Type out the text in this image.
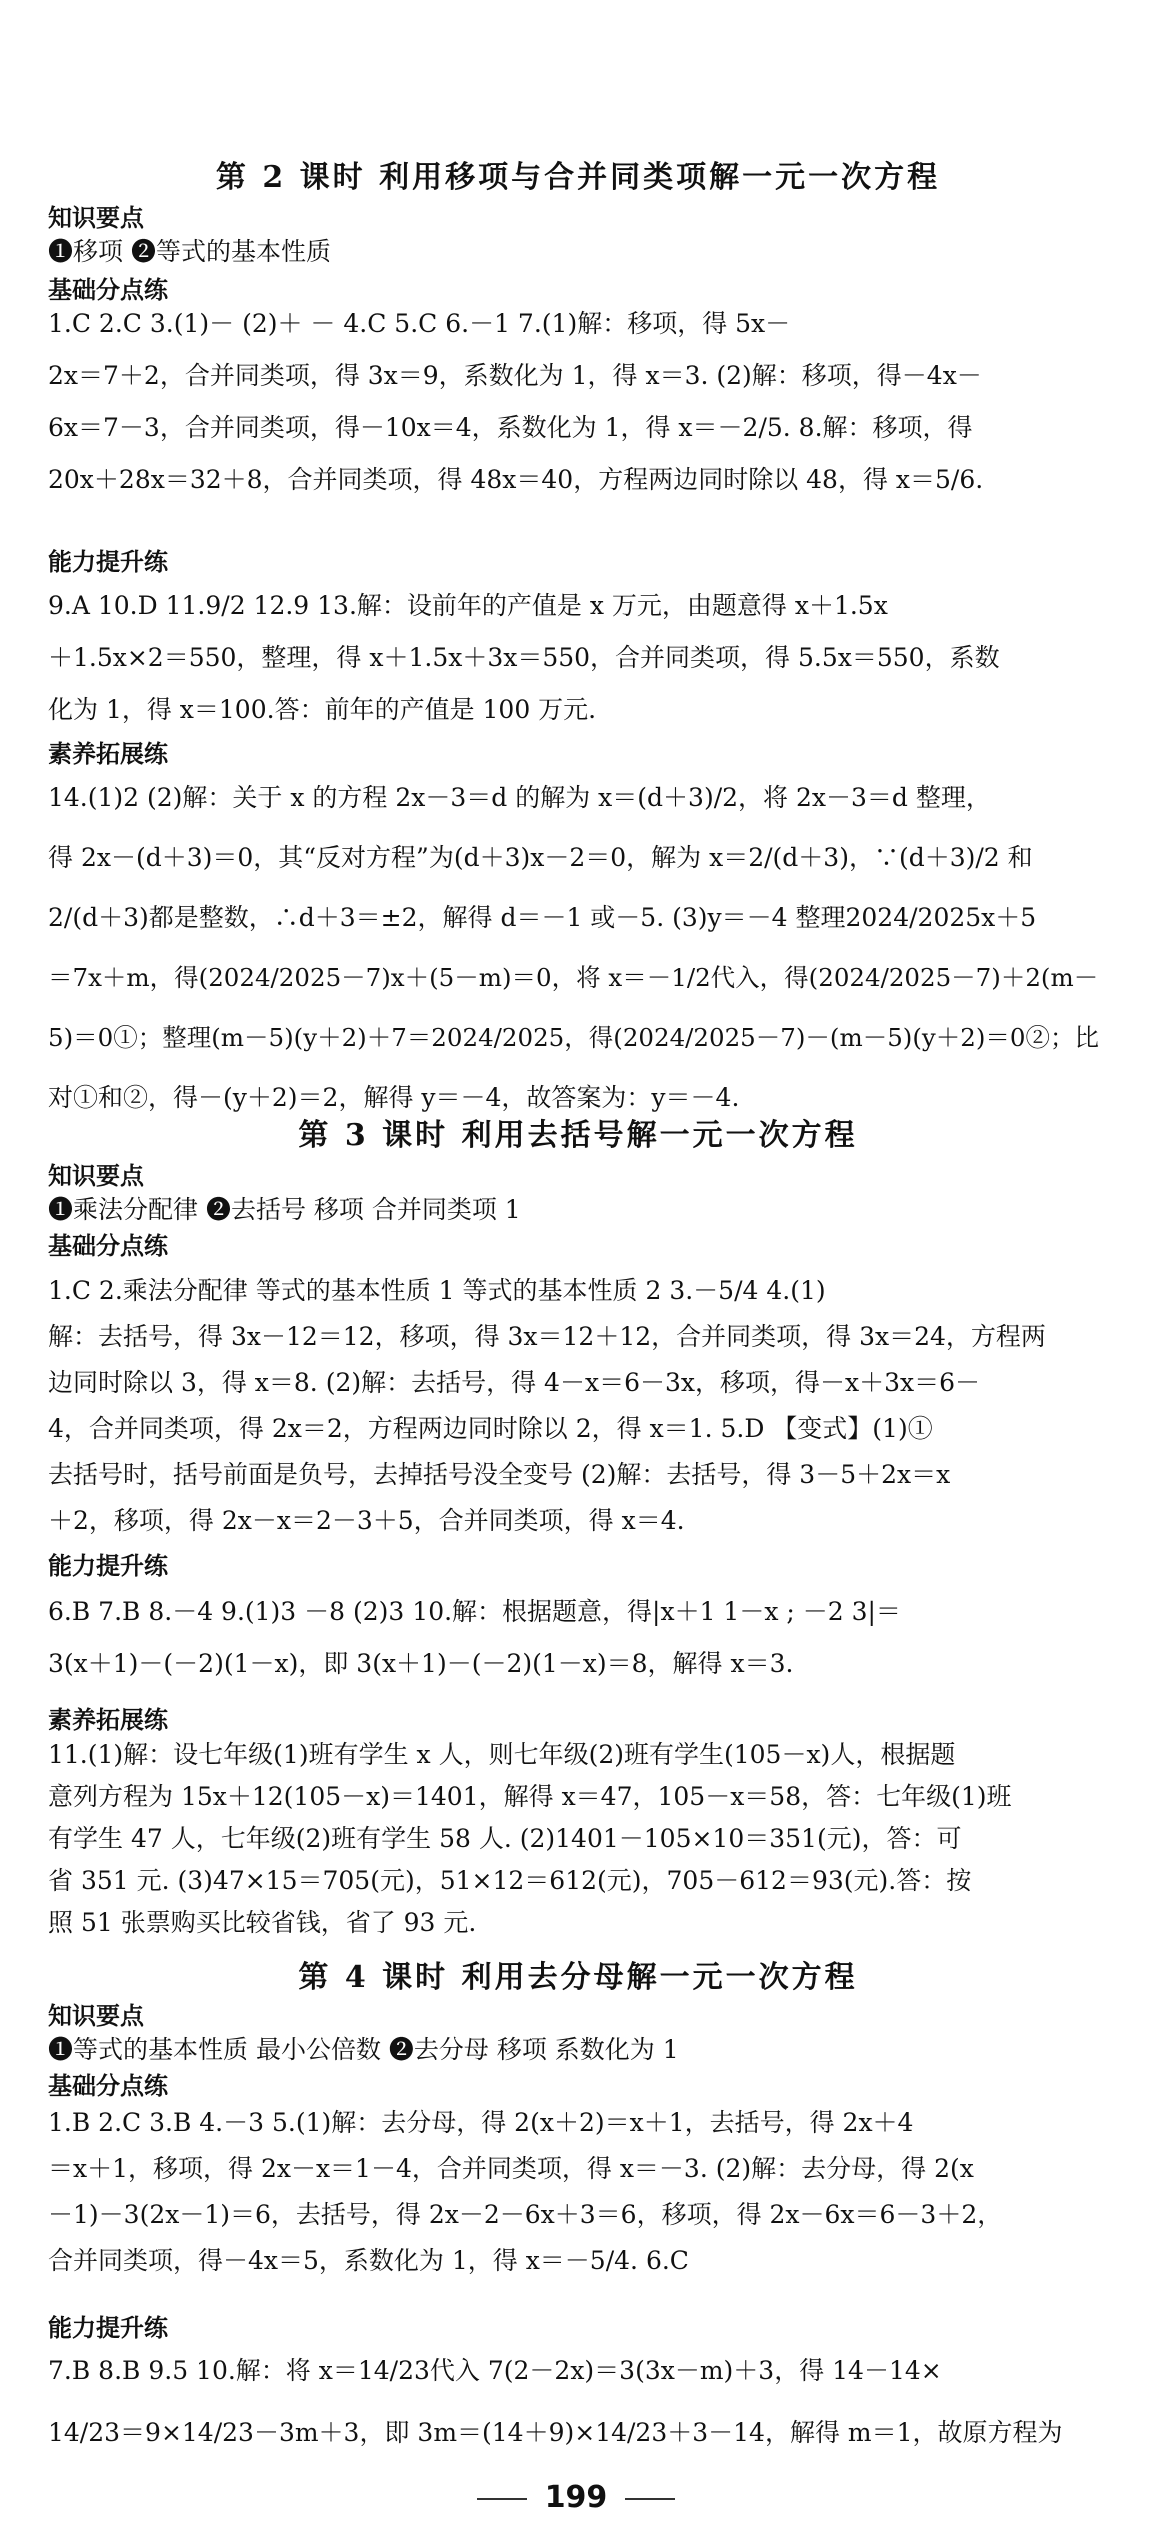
第 2 课时 利用移项与合并同类项解一元一次方程
知识要点
❶移项 ❷等式的基本性质
基础分点练
1.C 2.C 3.(1)－ (2)＋ － 4.C 5.C 6.－1 7.(1)解：移项，得 5x－
2x＝7＋2，合并同类项，得 3x＝9，系数化为 1，得 x＝3. (2)解：移项，得－4x－
6x＝7－3，合并同类项，得－10x＝4，系数化为 1，得 x＝－2/5. 8.解：移项，得
20x＋28x＝32＋8，合并同类项，得 48x＝40，方程两边同时除以 48，得 x＝5/6.
能力提升练
9.A 10.D 11.9/2 12.9 13.解：设前年的产值是 x 万元，由题意得 x＋1.5x
＋1.5x×2＝550，整理，得 x＋1.5x＋3x＝550，合并同类项，得 5.5x＝550，系数
化为 1，得 x＝100.答：前年的产值是 100 万元.
素养拓展练
14.(1)2 (2)解：关于 x 的方程 2x－3＝d 的解为 x＝(d＋3)/2，将 2x－3＝d 整理，
得 2x－(d＋3)＝0，其“反对方程”为(d＋3)x－2＝0，解为 x＝2/(d＋3)，∵(d＋3)/2 和
2/(d＋3)都是整数，∴d＋3＝±2，解得 d＝－1 或－5. (3)y＝－4 整理2024/2025x＋5
＝7x＋m，得(2024/2025－7)x＋(5－m)＝0，将 x＝－1/2代入，得(2024/2025－7)＋2(m－
5)＝0①；整理(m－5)(y＋2)＋7＝2024/2025，得(2024/2025－7)－(m－5)(y＋2)＝0②；比
对①和②，得－(y＋2)＝2，解得 y＝－4，故答案为：y＝－4.
第 3 课时 利用去括号解一元一次方程
知识要点
❶乘法分配律 ❷去括号 移项 合并同类项 1
基础分点练
1.C 2.乘法分配律 等式的基本性质 1 等式的基本性质 2 3.－5/4 4.(1)
解：去括号，得 3x－12＝12，移项，得 3x＝12＋12，合并同类项，得 3x＝24，方程两
边同时除以 3，得 x＝8. (2)解：去括号，得 4－x＝6－3x，移项，得－x＋3x＝6－
4，合并同类项，得 2x＝2，方程两边同时除以 2，得 x＝1. 5.D 【变式】(1)①
去括号时，括号前面是负号，去掉括号没全变号 (2)解：去括号，得 3－5＋2x＝x
＋2，移项，得 2x－x＝2－3＋5，合并同类项，得 x＝4.
能力提升练
6.B 7.B 8.－4 9.(1)3 －8 (2)3 10.解：根据题意，得|x＋1 1－x ; －2 3|＝
3(x＋1)－(－2)(1－x)，即 3(x＋1)－(－2)(1－x)＝8，解得 x＝3.
素养拓展练
11.(1)解：设七年级(1)班有学生 x 人，则七年级(2)班有学生(105－x)人，根据题
意列方程为 15x＋12(105－x)＝1401，解得 x＝47，105－x＝58，答：七年级(1)班
有学生 47 人，七年级(2)班有学生 58 人. (2)1401－105×10＝351(元)，答：可
省 351 元. (3)47×15＝705(元)，51×12＝612(元)，705－612＝93(元).答：按
照 51 张票购买比较省钱，省了 93 元.
第 4 课时 利用去分母解一元一次方程
知识要点
❶等式的基本性质 最小公倍数 ❷去分母 移项 系数化为 1
基础分点练
1.B 2.C 3.B 4.－3 5.(1)解：去分母，得 2(x＋2)＝x＋1，去括号，得 2x＋4
＝x＋1，移项，得 2x－x＝1－4，合并同类项，得 x＝－3. (2)解：去分母，得 2(x
－1)－3(2x－1)＝6，去括号，得 2x－2－6x＋3＝6，移项，得 2x－6x＝6－3＋2，
合并同类项，得－4x＝5，系数化为 1，得 x＝－5/4. 6.C
能力提升练
7.B 8.B 9.5 10.解：将 x＝14/23代入 7(2－2x)＝3(3x－m)＋3，得 14－14×
14/23＝9×14/23－3m＋3，即 3m＝(14＋9)×14/23＋3－14，解得 m＝1，故原方程为
199
